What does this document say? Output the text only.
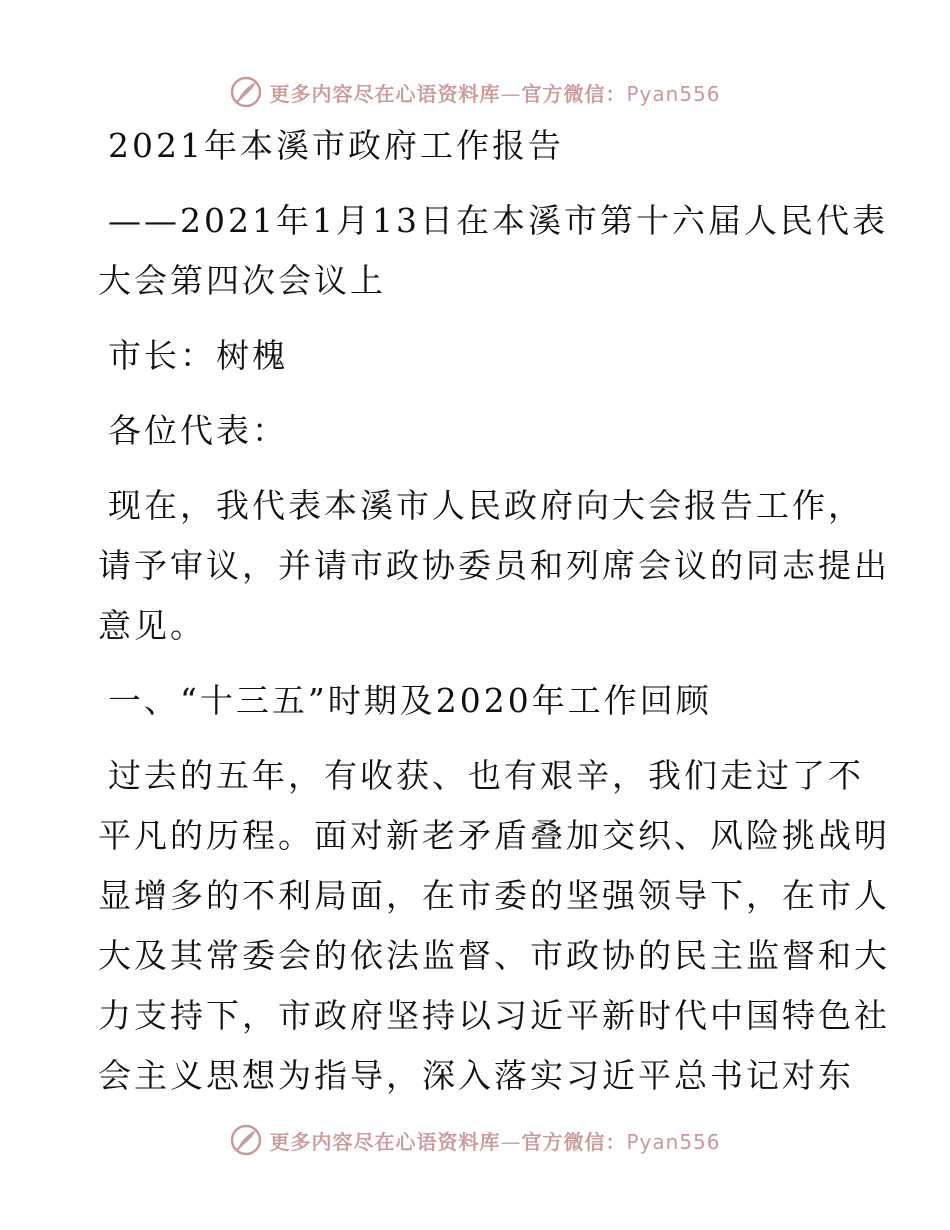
更多内容尽在心语资料库—官方微信：Pyan556

2021年本溪市政府工作报告

——2021年1月13日在本溪市第十六届人民代表

大会第四次会议上

市长：树槐

各位代表：

现在，我代表本溪市人民政府向大会报告工作，

请予审议，并请市政协委员和列席会议的同志提出

意见。

一、“十三五”时期及2020年工作回顾

过去的五年，有收获、也有艰辛，我们走过了不

平凡的历程。面对新老矛盾叠加交织、风险挑战明

显增多的不利局面，在市委的坚强领导下，在市人

大及其常委会的依法监督、市政协的民主监督和大

力支持下，市政府坚持以习近平新时代中国特色社

会主义思想为指导，深入落实习近平总书记对东

更多内容尽在心语资料库—官方微信：Pyan556
